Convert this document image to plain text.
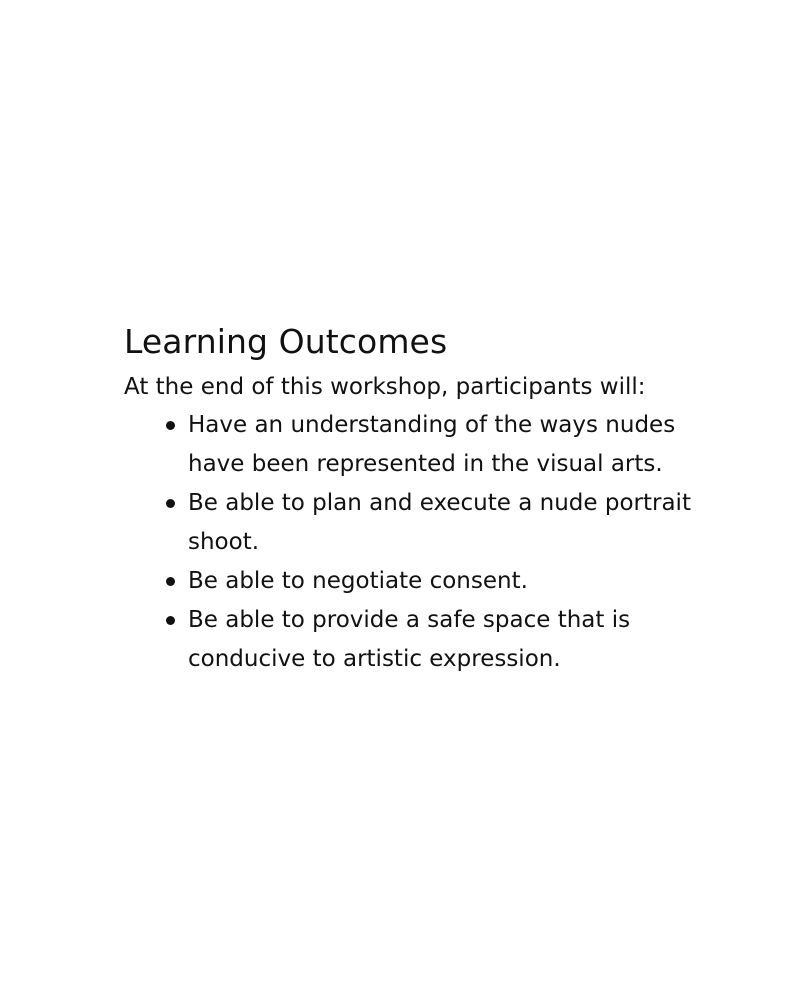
Learning Outcomes

At the end of this workshop, participants will:

Have an understanding of the ways nudes have been represented in the visual arts.
Be able to plan and execute a nude portrait shoot.
Be able to negotiate consent.
Be able to provide a safe space that is conducive to artistic expression.
